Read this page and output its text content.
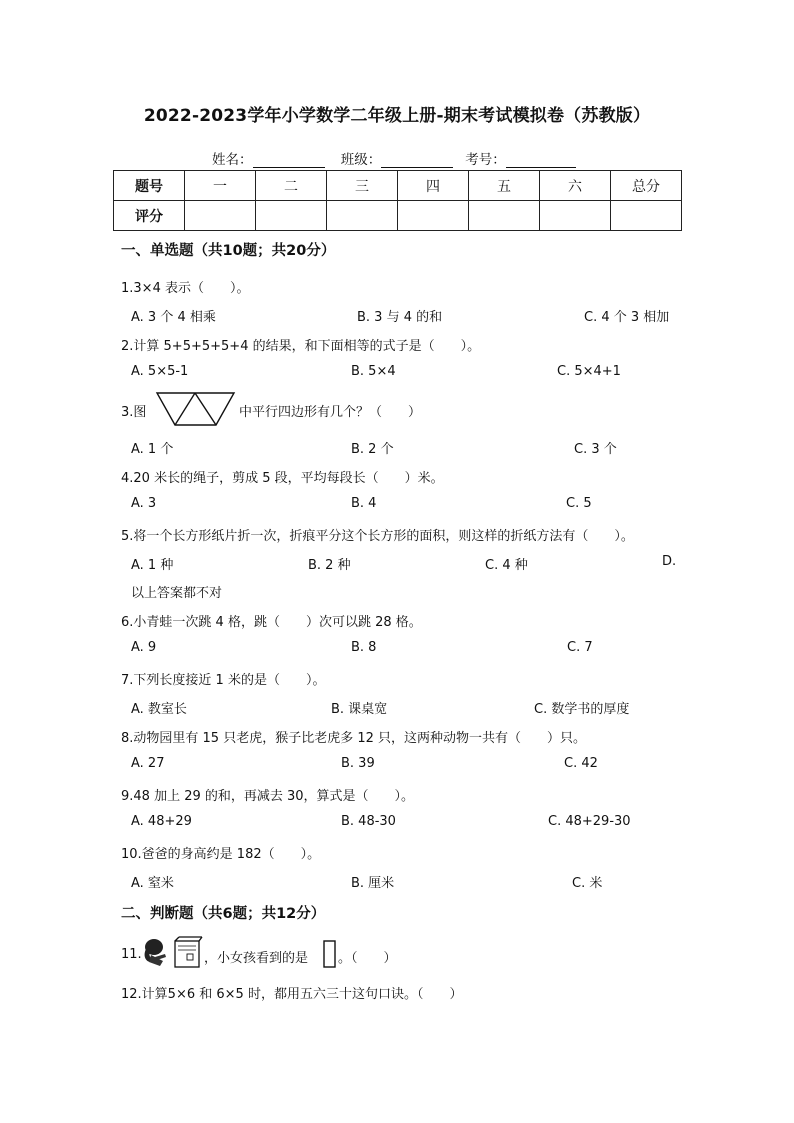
2022-2023学年小学数学二年级上册-期末考试模拟卷（苏教版）
姓名：	班级：	考号：
题号	一	二	三	四	五	六	总分
评分							
一、单选题（共10题；共20分）
1.3×4 表示（　　）。
A. 3 个 4 相乘	B. 3 与 4 的和	C. 4 个 3 相加
2.计算 5+5+5+5+4 的结果，和下面相等的式子是（　　）。
A. 5×5-1	B. 5×4	C. 5×4+1
3.图	中平行四边形有几个？（　　）
A. 1 个	B. 2 个	C. 3 个
4.20 米长的绳子，剪成 5 段，平均每段长（　　）米。
A. 3	B. 4	C. 5
5.将一个长方形纸片折一次，折痕平分这个长方形的面积，则这样的折纸方法有（　　）。
A. 1 种	B. 2 种	C. 4 种	D.
以上答案都不对
6.小青蛙一次跳 4 格，跳（　　）次可以跳 28 格。
A. 9	B. 8	C. 7
7.下列长度接近 1 米的是（　　）。
A. 教室长	B. 课桌宽	C. 数学书的厚度
8.动物园里有 15 只老虎，猴子比老虎多 12 只，这两种动物一共有（　　）只。
A. 27	B. 39	C. 42
9.48 加上 29 的和，再减去 30，算式是（　　）。
A. 48+29	B. 48-30	C. 48+29-30
10.爸爸的身高约是 182（　　）。
A. 窒米	B. 厘米	C. 米
二、判断题（共6题；共12分）
11.	，小女孩看到的是 。（　　）
12.计算5×6 和 6×5 时，都用五六三十这句口诀。（　　）
